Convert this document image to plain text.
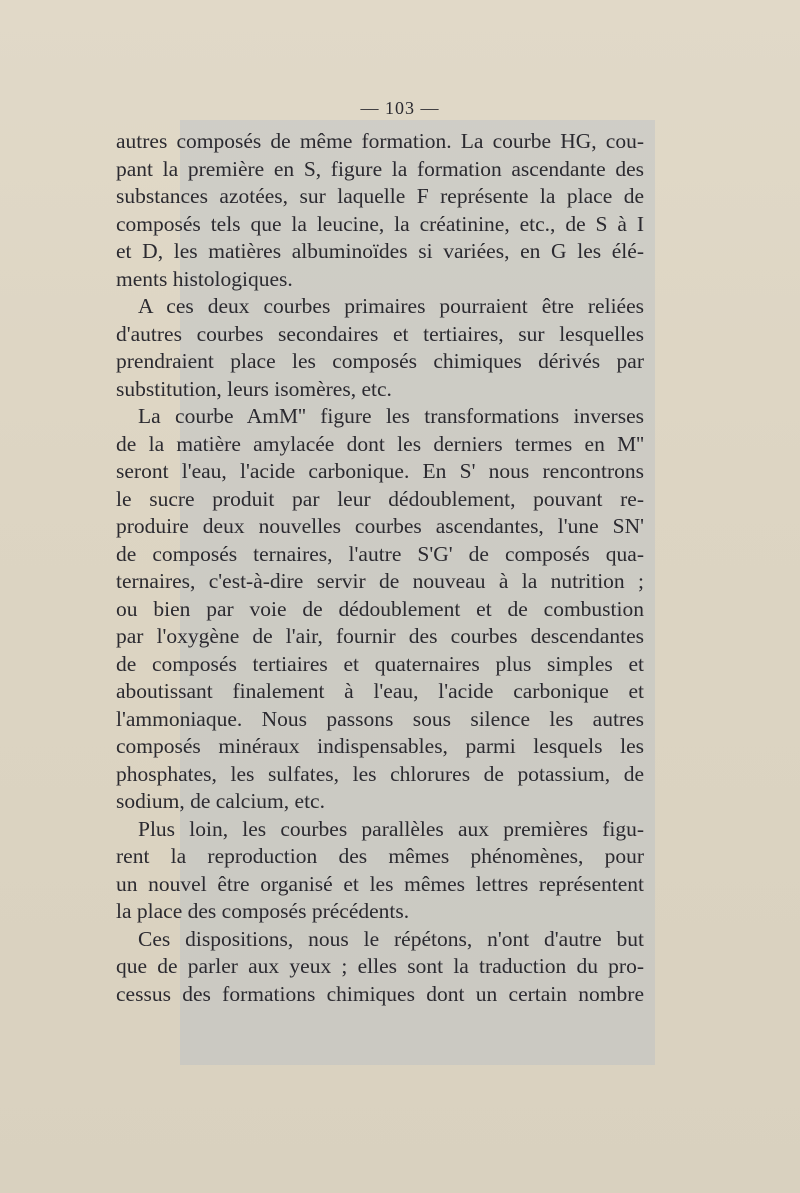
— 103 —
autres composés de même formation. La courbe HG, cou-
pant la première en S, figure la formation ascendante des
substances azotées, sur laquelle F représente la place de
composés tels que la leucine, la créatinine, etc., de S à I
et D, les matières albuminoïdes si variées, en G les élé-
ments histologiques.
A ces deux courbes primaires pourraient être reliées
d'autres courbes secondaires et tertiaires, sur lesquelles
prendraient place les composés chimiques dérivés par
substitution, leurs isomères, etc.
La courbe AmM'' figure les transformations inverses
de la matière amylacée dont les derniers termes en M''
seront l'eau, l'acide carbonique. En S' nous rencontrons
le sucre produit par leur dédoublement, pouvant re-
produire deux nouvelles courbes ascendantes, l'une SN'
de composés ternaires, l'autre S'G' de composés qua-
ternaires, c'est-à-dire servir de nouveau à la nutrition ;
ou bien par voie de dédoublement et de combustion
par l'oxygène de l'air, fournir des courbes descendantes
de composés tertiaires et quaternaires plus simples et
aboutissant finalement à l'eau, l'acide carbonique et
l'ammoniaque. Nous passons sous silence les autres
composés minéraux indispensables, parmi lesquels les
phosphates, les sulfates, les chlorures de potassium, de
sodium, de calcium, etc.
Plus loin, les courbes parallèles aux premières figu-
rent la reproduction des mêmes phénomènes, pour
un nouvel être organisé et les mêmes lettres représentent
la place des composés précédents.
Ces dispositions, nous le répétons, n'ont d'autre but
que de parler aux yeux ; elles sont la traduction du pro-
cessus des formations chimiques dont un certain nombre
